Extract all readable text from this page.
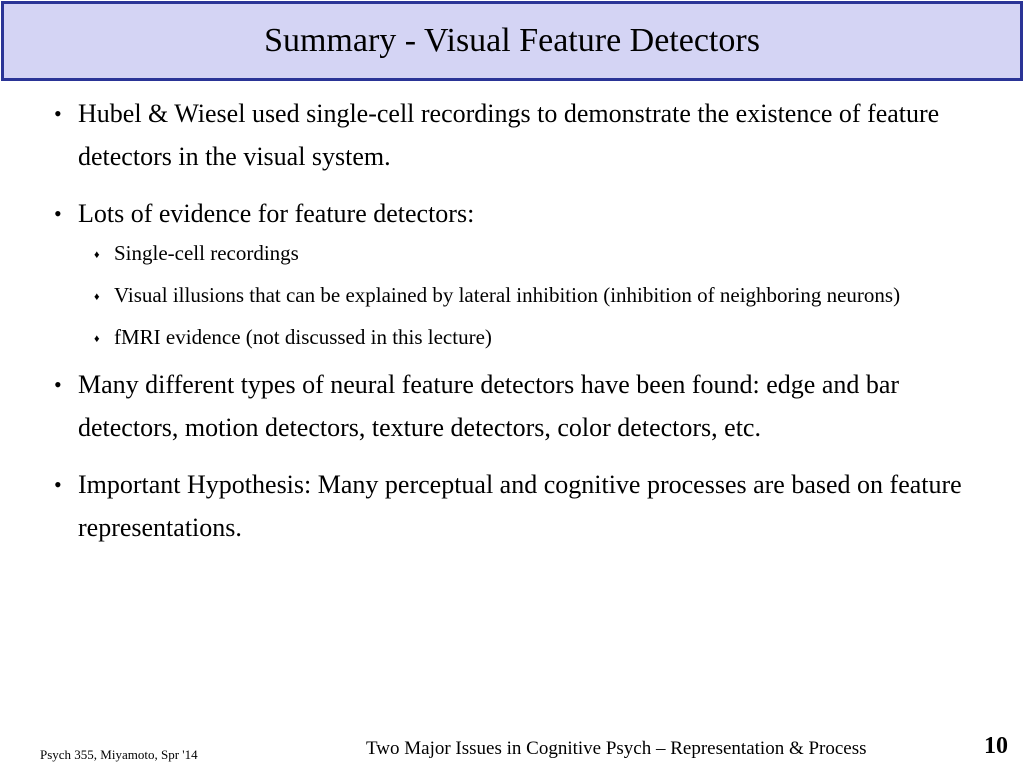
Summary - Visual Feature Detectors
• Hubel & Wiesel used single-cell recordings to demonstrate the existence of feature detectors in the visual system.
• Lots of evidence for feature detectors:
♦ Single-cell recordings
♦ Visual illusions that can be explained by lateral inhibition (inhibition of neighboring neurons)
♦ fMRI evidence (not discussed in this lecture)
• Many different types of neural feature detectors have been found: edge and bar detectors, motion detectors, texture detectors, color detectors, etc.
• Important Hypothesis: Many perceptual and cognitive processes are based on feature representations.
Psych 355, Miyamoto, Spr '14	Two Major Issues in Cognitive Psych – Representation & Process	10
